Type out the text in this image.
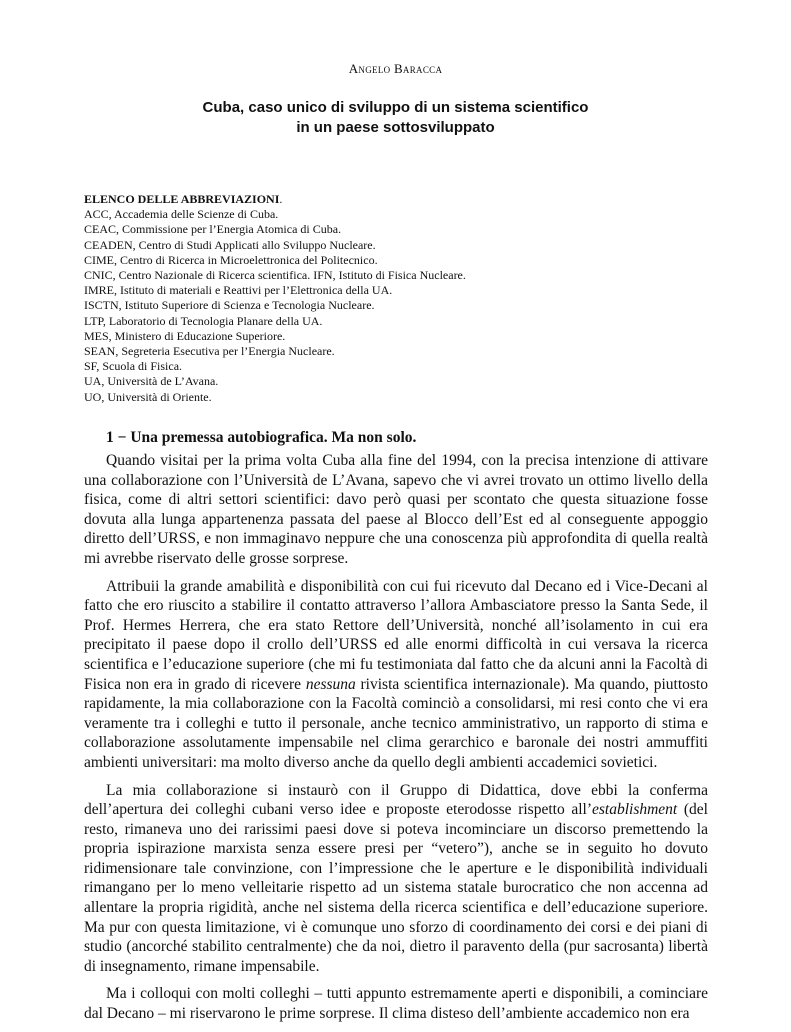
Angelo Baracca
Cuba, caso unico di sviluppo di un sistema scientifico
in un paese sottosviluppato
ELENCO DELLE ABBREVIAZIONI.
ACC, Accademia delle Scienze di Cuba.
CEAC, Commissione per l’Energia Atomica di Cuba.
CEADEN, Centro di Studi Applicati allo Sviluppo Nucleare.
CIME, Centro di Ricerca in Microelettronica del Politecnico.
CNIC, Centro Nazionale di Ricerca scientifica. IFN, Istituto di Fisica Nucleare.
IMRE, Istituto di materiali e Reattivi per l’Elettronica della UA.
ISCTN, Istituto Superiore di Scienza e Tecnologia Nucleare.
LTP, Laboratorio di Tecnologia Planare della UA.
MES, Ministero di Educazione Superiore.
SEAN, Segreteria Esecutiva per l’Energia Nucleare.
SF, Scuola di Fisica.
UA, Università de L’Avana.
UO, Università di Oriente.
1 − Una premessa autobiografica. Ma non solo.

Quando visitai per la prima volta Cuba alla fine del 1994, con la precisa intenzione di attivare una collaborazione con l’Università de L’Avana, sapevo che vi avrei trovato un ottimo livello della fisica, come di altri settori scientifici: davo però quasi per scontato che questa situazione fosse dovuta alla lunga appartenenza passata del paese al Blocco dell’Est ed al conseguente appoggio diretto dell’URSS, e non immaginavo neppure che una conoscenza più approfondita di quella realtà mi avrebbe riservato delle grosse sorprese.

Attribuii la grande amabilità e disponibilità con cui fui ricevuto dal Decano ed i Vice-Decani al fatto che ero riuscito a stabilire il contatto attraverso l’allora Ambasciatore presso la Santa Sede, il Prof. Hermes Herrera, che era stato Rettore dell’Università, nonché all’isolamento in cui era precipitato il paese dopo il crollo dell’URSS ed alle enormi difficoltà in cui versava la ricerca scientifica e l’educazione superiore (che mi fu testimoniata dal fatto che da alcuni anni la Facoltà di Fisica non era in grado di ricevere nessuna rivista scientifica internazionale). Ma quando, piuttosto rapidamente, la mia collaborazione con la Facoltà cominciò a consolidarsi, mi resi conto che vi era veramente tra i colleghi e tutto il personale, anche tecnico amministrativo, un rapporto di stima e collaborazione assolutamente impensabile nel clima gerarchico e baronale dei nostri ammuffiti ambienti universitari: ma molto diverso anche da quello degli ambienti accademici sovietici.

La mia collaborazione si instaurò con il Gruppo di Didattica, dove ebbi la conferma dell’apertura dei colleghi cubani verso idee e proposte eterodosse rispetto all’establishment (del resto, rimaneva uno dei rarissimi paesi dove si poteva incominciare un discorso premettendo la propria ispirazione marxista senza essere presi per “vetero”), anche se in seguito ho dovuto ridimensionare tale convinzione, con l’impressione che le aperture e le disponibilità individuali rimangano per lo meno velleitarie rispetto ad un sistema statale burocratico che non accenna ad allentare la propria rigidità, anche nel sistema della ricerca scientifica e dell’educazione superiore. Ma pur con questa limitazione, vi è comunque uno sforzo di coordinamento dei corsi e dei piani di studio (ancorché stabilito centralmente) che da noi, dietro il paravento della (pur sacrosanta) libertà di insegnamento, rimane impensabile.

Ma i colloqui con molti colleghi – tutti appunto estremamente aperti e disponibili, a cominciare dal Decano – mi riservarono le prime sorprese. Il clima disteso dell’ambiente accademico non era
